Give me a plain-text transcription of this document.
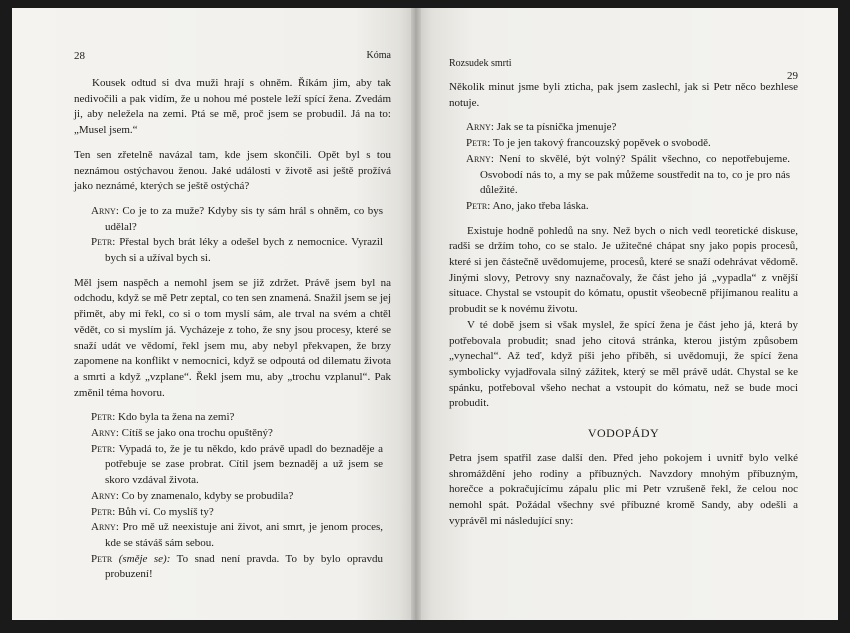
28	Kóma

Kousek odtud si dva muži hrají s ohněm. Říkám jim, aby tak nedivočili a pak vidím, že u nohou mé postele leží spící žena. Zvedám ji, aby neležela na zemi. Ptá se mě, proč jsem se probudil. Já na to: „Musel jsem.“

Ten sen zřetelně navázal tam, kde jsem skončili. Opět byl s tou neznámou ostýchavou ženou. Jaké události v životě asi ještě prožívá jako neznámé, kterých se ještě ostýchá?

Arny: Co je to za muže? Kdyby sis ty sám hrál s ohněm, co bys udělal?
Petr: Přestal bych brát léky a odešel bych z nemocnice. Vyrazil bych si a užíval bych si.

Měl jsem naspěch a nemohl jsem se již zdržet. Právě jsem byl na odchodu, když se mě Petr zeptal, co ten sen znamená. Snažil jsem se jej přimět, aby mi řekl, co si o tom myslí sám, ale trval na svém a chtěl vědět, co si myslím já. Vycházeje z toho, že sny jsou procesy, které se snaží udát ve vědomí, řekl jsem mu, aby nebyl překvapen, že brzy zapomene na konflikt v nemocnici, když se odpoutá od dilematu života a smrti a když „vzplane“. Řekl jsem mu, aby „trochu vzplanul“. Pak změnil téma hovoru.

Petr: Kdo byla ta žena na zemi?
Arny: Cítíš se jako ona trochu opuštěný?
Petr: Vypadá to, že je tu někdo, kdo právě upadl do beznaděje a potřebuje se zase probrat. Cítil jsem beznaděj a už jsem se skoro vzdával života.
Arny: Co by znamenalo, kdyby se probudila?
Petr: Bůh ví. Co myslíš ty?
Arny: Pro mě už neexistuje ani život, ani smrt, je jenom proces, kde se stáváš sám sebou.
Petr (směje se): To snad není pravda. To by bylo opravdu probuzení!
Rozsudek smrti
29

Několik minut jsme byli zticha, pak jsem zaslechl, jak si Petr něco bezhlese notuje.

Arny: Jak se ta písnička jmenuje?
Petr: To je jen takový francouzský popěvek o svobodě.
Arny: Není to skvělé, být volný? Spálit všechno, co nepotřebujeme. Osvobodí nás to, a my se pak můžeme soustředit na to, co je pro nás důležité.
Petr: Ano, jako třeba láska.

Existuje hodně pohledů na sny. Než bych o nich vedl teoretické diskuse, radši se držím toho, co se stalo. Je užitečné chápat sny jako popis procesů, které si jen částečně uvědomujeme, procesů, které se snaží odehrávat vědomě. Jinými slovy, Petrovy sny naznačovaly, že část jeho já „vypadla“ z vnější situace. Chystal se vstoupit do kómatu, opustit všeobecně přijímanou realitu a probudit se k novému životu.

V té době jsem si však myslel, že spící žena je část jeho já, která by potřebovala probudit; snad jeho citová stránka, kterou jistým způsobem „vynechal“. Až teď, když píši jeho příběh, si uvědomuji, že spící žena symbolicky vyjadřovala silný zážitek, který se měl právě udát. Chystal se ke spánku, potřeboval všeho nechat a vstoupit do kómatu, než se bude moci probudit.

VODOPÁDY

Petra jsem spatřil zase další den. Před jeho pokojem i uvnitř bylo velké shromáždění jeho rodiny a příbuzných. Navzdory mnohým příbuzným, horečce a pokračujícímu zápalu plic mi Petr vzrušeně řekl, že celou noc nemohl spát. Požádal všechny své příbuzné kromě Sandy, aby odešli a vyprávěl mi následující sny:
